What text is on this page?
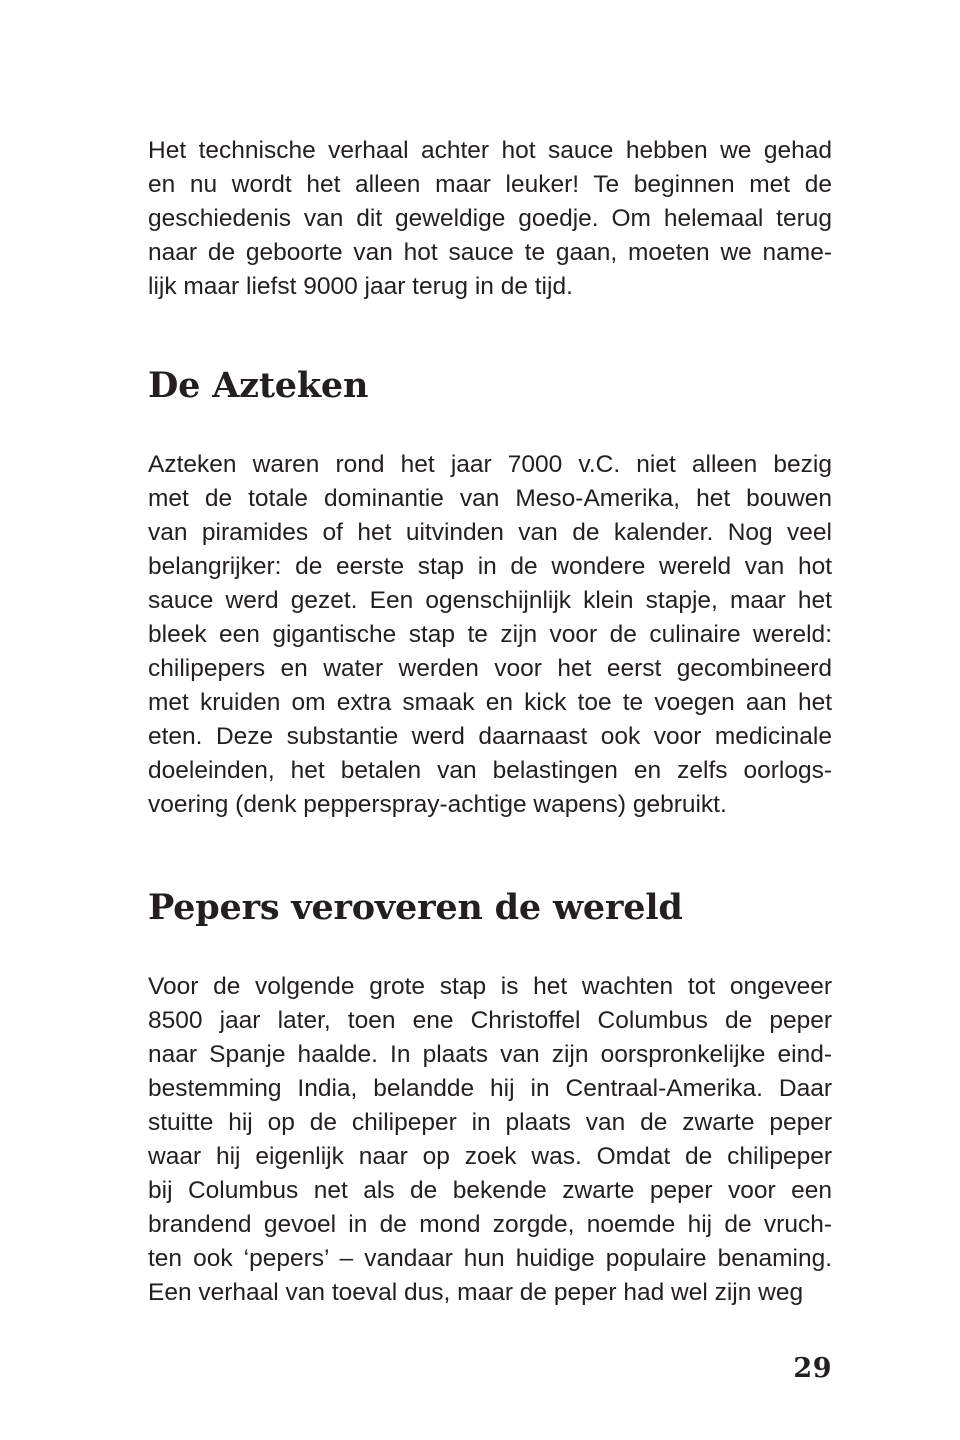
Het technische verhaal achter hot sauce hebben we gehad
en nu wordt het alleen maar leuker! Te beginnen met de
geschiedenis van dit geweldige goedje. Om helemaal terug
naar de geboorte van hot sauce te gaan, moeten we name-
lijk maar liefst 9000 jaar terug in de tijd.
De Azteken
Azteken waren rond het jaar 7000 v.C. niet alleen bezig
met de totale dominantie van Meso-Amerika, het bouwen
van piramides of het uitvinden van de kalender. Nog veel
belangrijker: de eerste stap in de wondere wereld van hot
sauce werd gezet. Een ogenschijnlijk klein stapje, maar het
bleek een gigantische stap te zijn voor de culinaire wereld:
chilipepers en water werden voor het eerst gecombineerd
met kruiden om extra smaak en kick toe te voegen aan het
eten. Deze substantie werd daarnaast ook voor medicinale
doeleinden, het betalen van belastingen en zelfs oorlogs-
voering (denk pepperspray-achtige wapens) gebruikt.
Pepers veroveren de wereld
Voor de volgende grote stap is het wachten tot ongeveer
8500 jaar later, toen ene Christoffel Columbus de peper
naar Spanje haalde. In plaats van zijn oorspronkelijke eind-
bestemming India, belandde hij in Centraal-Amerika. Daar
stuitte hij op de chilipeper in plaats van de zwarte peper
waar hij eigenlijk naar op zoek was. Omdat de chilipeper
bij Columbus net als de bekende zwarte peper voor een
brandend gevoel in de mond zorgde, noemde hij de vruch-
ten ook ‘pepers’ – vandaar hun huidige populaire benaming.
Een verhaal van toeval dus, maar de peper had wel zijn weg
29
